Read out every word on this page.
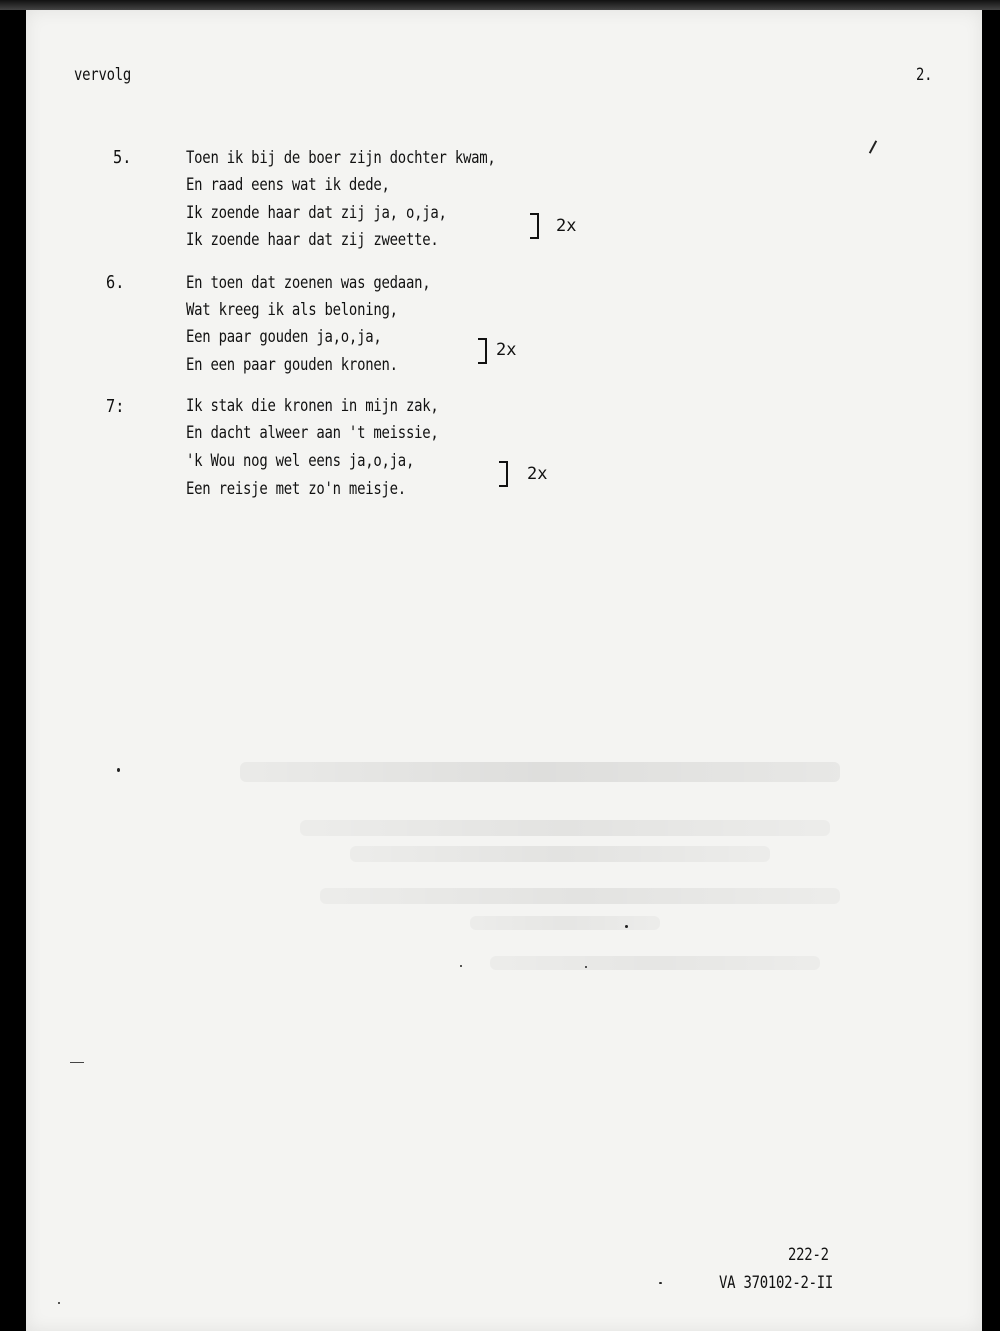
vervolg	2.
5.	Toen ik bij de boer zijn dochter kwam,
En raad eens wat ik dede,
Ik zoende haar dat zij ja, o,ja,
Ik zoende haar dat zij zweette.
2x
6.	En toen dat zoenen was gedaan,
Wat kreeg ik als beloning,
Een paar gouden ja,o,ja,
En een paar gouden kronen.
2x
7:	Ik stak die kronen in mijn zak,
En dacht alweer aan 't meissie,
'k Wou nog wel eens ja,o,ja,
Een reisje met zo'n meisje.
2x
222-2
VA 370102-2-II
